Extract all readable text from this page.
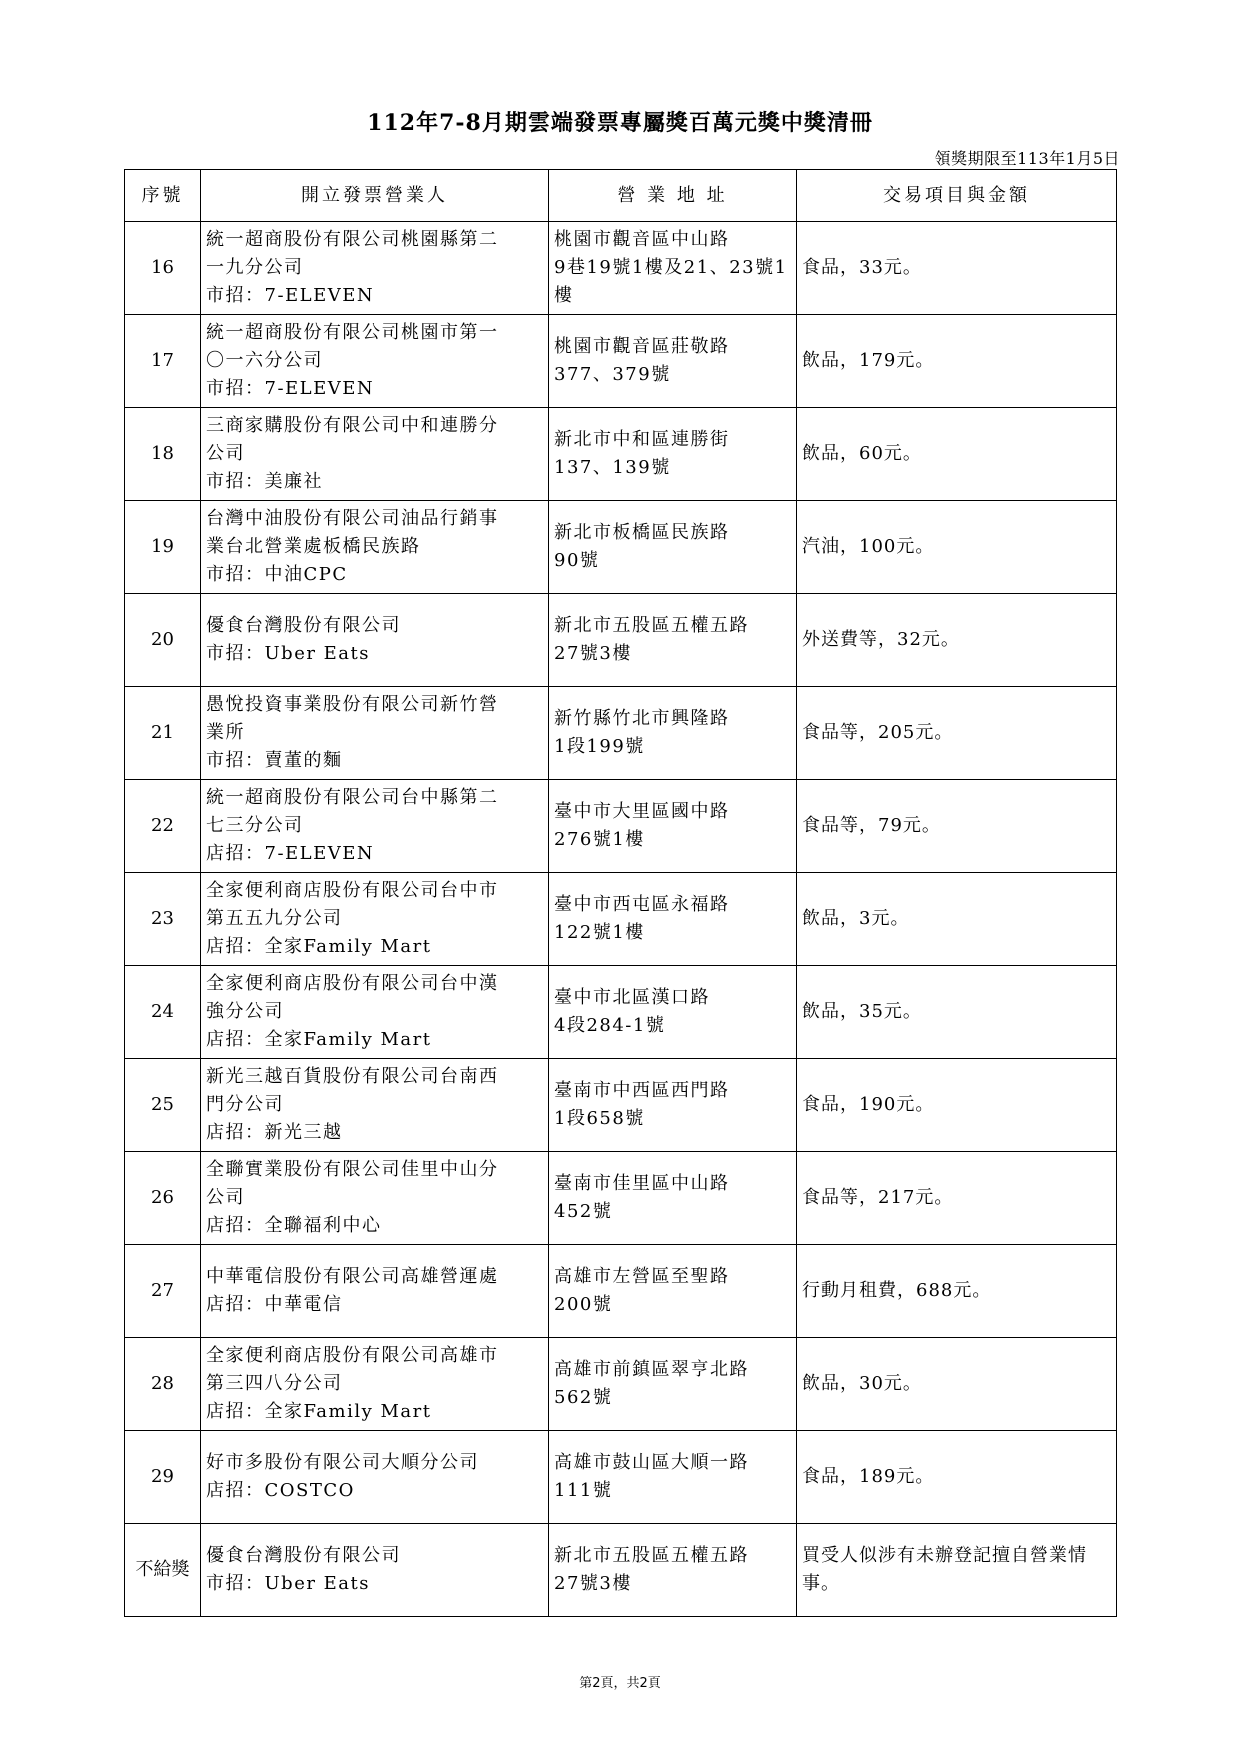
112年7-8月期雲端發票專屬獎百萬元獎中獎清冊
領獎期限至113年1月5日
序號	開立發票營業人	營 業 地 址	交易項目與金額
16	統一超商股份有限公司桃園縣第二
一九分公司
市招：7-ELEVEN	桃園市觀音區中山路
9巷19號1樓及21、23號1
樓	食品，33元。
17	統一超商股份有限公司桃園市第一
〇一六分公司
市招：7-ELEVEN	桃園市觀音區莊敬路
377、379號	飲品，179元。
18	三商家購股份有限公司中和連勝分
公司
市招：美廉社	新北市中和區連勝街
137、139號	飲品，60元。
19	台灣中油股份有限公司油品行銷事
業台北營業處板橋民族路
市招：中油CPC	新北市板橋區民族路
90號	汽油，100元。
20	優食台灣股份有限公司
市招：Uber Eats	新北市五股區五權五路
27號3樓	外送費等，32元。
21	愚悅投資事業股份有限公司新竹營
業所
市招：賣董的麵	新竹縣竹北市興隆路
1段199號	食品等，205元。
22	統一超商股份有限公司台中縣第二
七三分公司
店招：7-ELEVEN	臺中市大里區國中路
276號1樓	食品等，79元。
23	全家便利商店股份有限公司台中市
第五五九分公司
店招：全家Family Mart	臺中市西屯區永福路
122號1樓	飲品，3元。
24	全家便利商店股份有限公司台中漢
強分公司
店招：全家Family Mart	臺中市北區漢口路
4段284-1號	飲品，35元。
25	新光三越百貨股份有限公司台南西
門分公司
店招：新光三越	臺南市中西區西門路
1段658號	食品，190元。
26	全聯實業股份有限公司佳里中山分
公司
店招：全聯福利中心	臺南市佳里區中山路
452號	食品等，217元。
27	中華電信股份有限公司高雄營運處
店招：中華電信	高雄市左營區至聖路
200號	行動月租費，688元。
28	全家便利商店股份有限公司高雄市
第三四八分公司
店招：全家Family Mart	高雄市前鎮區翠亨北路
562號	飲品，30元。
29	好市多股份有限公司大順分公司
店招：COSTCO	高雄市鼓山區大順一路
111號	食品，189元。
不給獎	優食台灣股份有限公司
市招：Uber Eats	新北市五股區五權五路
27號3樓	買受人似涉有未辦登記擅自營業情事。
第2頁，共2頁
